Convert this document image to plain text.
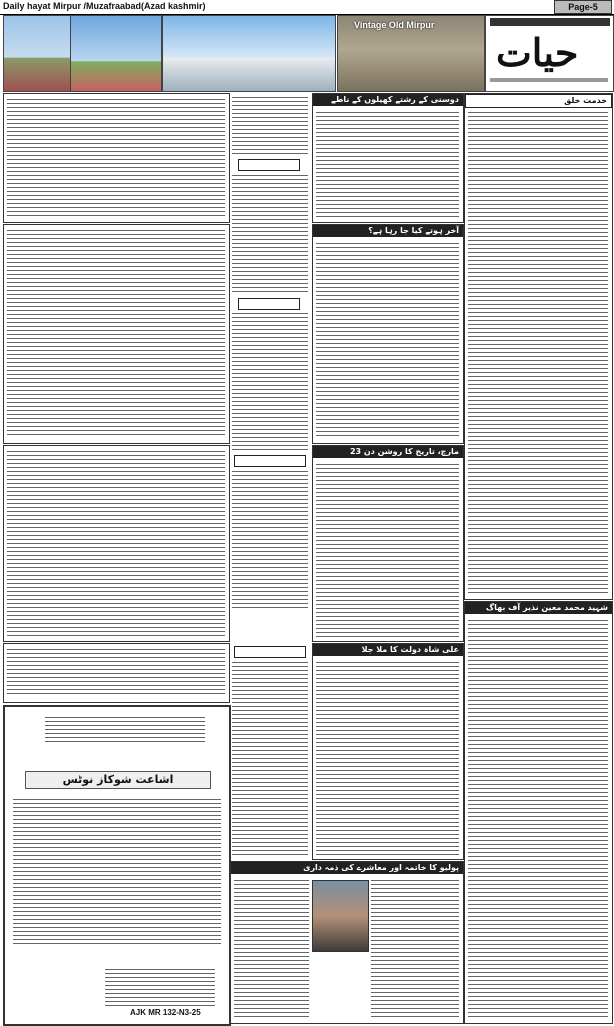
Daily hayat Mirpur /Muzafraabad(Azad kashmir)	Page-5
Vintage Old Mirpur
حیات
خدمت خلق
شہید محمد معین نذیر آف بھاگ
دوستی کے رشتے کھیلوں کے ناطے
آخر ہوتے کیا جا رہا ہے؟
23 مارچ، تاریخ کا روشن دن
علی شاہ دولت کا ملا جلا
پولیو کا خاتمہ اور معاشرے کی ذمہ داری
اشاعت شوکاز نوٹس
AJK MR 132-N3-25
